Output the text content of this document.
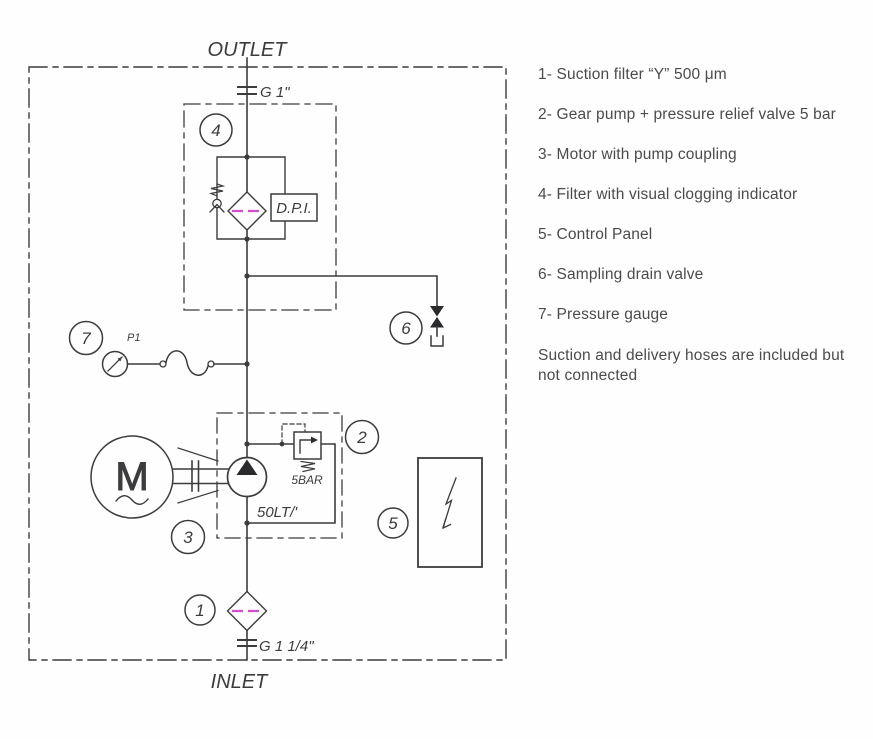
OUTLET
INLET
G 1"
G 1 1/4"
D.P.I.
5BAR
50LT/'
P1
M
1
2
3
4
5
6
7
1- Suction filter “Y” 500 μm
2- Gear pump + pressure relief valve 5 bar
3- Motor with pump coupling
4- Filter with visual clogging indicator
5- Control Panel
6- Sampling drain valve
7- Pressure gauge
Suction and delivery hoses are included but not connected
